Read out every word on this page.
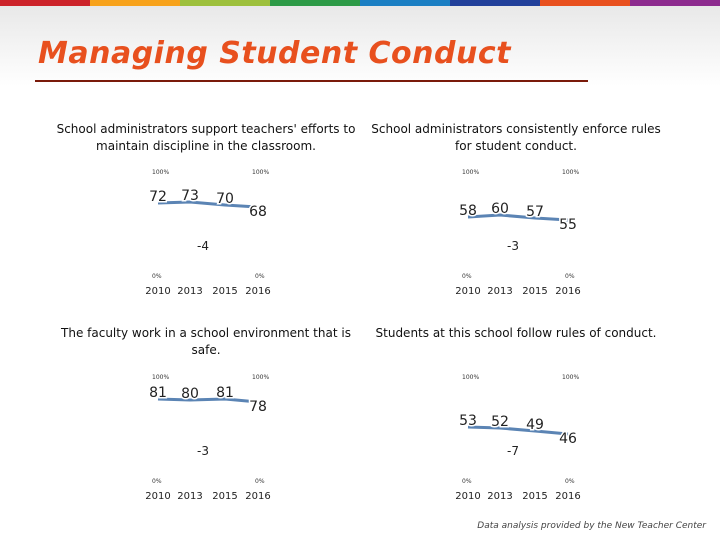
Managing Student Conduct
School administrators support teachers' efforts to maintain discipline in the classroom.
100%
0%
100%
0%
72 73 70
68
-4
2010 2013 2015 2016
School administrators consistently enforce rules for student conduct.
100%
0%
100%
0%
58 60 57
55
-3
2010 2013 2015 2016
The faculty work in a school environment that is safe.
100%
0%
100%
0%
81 80 81
78
-3
2010 2013 2015 2016
Students at this school follow rules of conduct.
100%
0%
100%
0%
53 52 49
46
-7
2010 2013 2015 2016
Data analysis provided by the New Teacher Center
